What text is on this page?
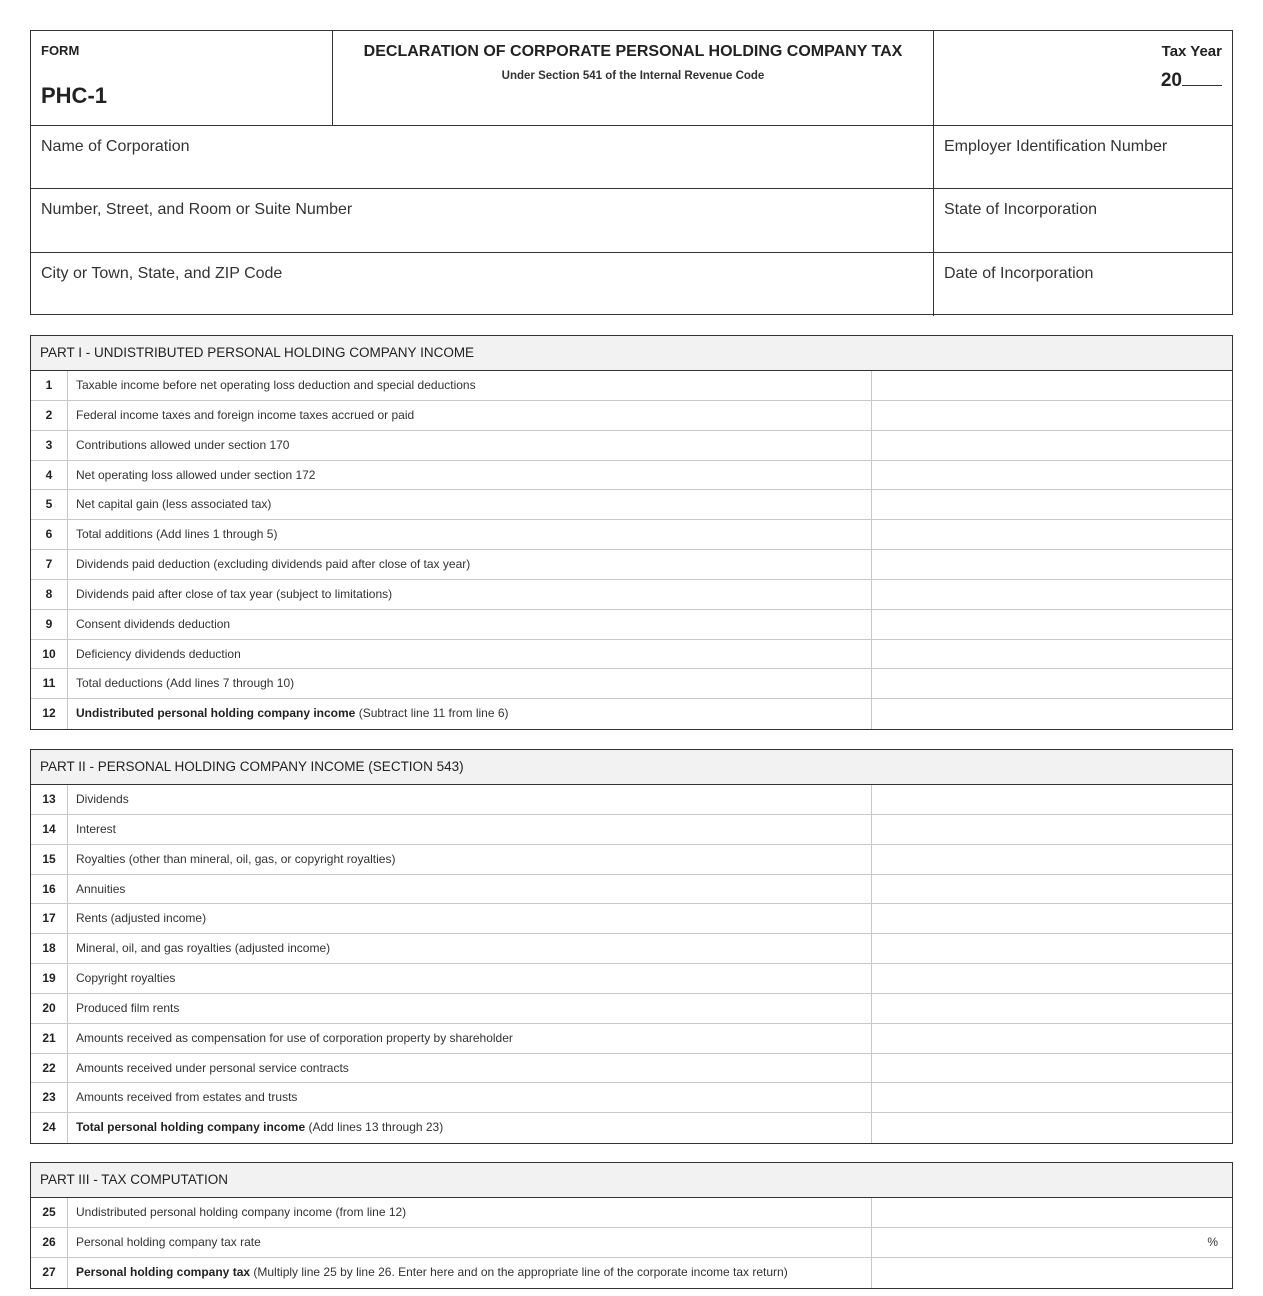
FORM
PHC-1
DECLARATION OF CORPORATE PERSONAL HOLDING COMPANY TAX
Under Section 541 of the Internal Revenue Code
Tax Year
20
Name of Corporation	Employer Identification Number
Number, Street, and Room or Suite Number	State of Incorporation
City or Town, State, and ZIP Code	Date of Incorporation
PART I - UNDISTRIBUTED PERSONAL HOLDING COMPANY INCOME
1	Taxable income before net operating loss deduction and special deductions
2	Federal income taxes and foreign income taxes accrued or paid
3	Contributions allowed under section 170
4	Net operating loss allowed under section 172
5	Net capital gain (less associated tax)
6	Total additions (Add lines 1 through 5)
7	Dividends paid deduction (excluding dividends paid after close of tax year)
8	Dividends paid after close of tax year (subject to limitations)
9	Consent dividends deduction
10	Deficiency dividends deduction
11	Total deductions (Add lines 7 through 10)
12	Undistributed personal holding company income (Subtract line 11 from line 6)
PART II - PERSONAL HOLDING COMPANY INCOME (SECTION 543)
13	Dividends
14	Interest
15	Royalties (other than mineral, oil, gas, or copyright royalties)
16	Annuities
17	Rents (adjusted income)
18	Mineral, oil, and gas royalties (adjusted income)
19	Copyright royalties
20	Produced film rents
21	Amounts received as compensation for use of corporation property by shareholder
22	Amounts received under personal service contracts
23	Amounts received from estates and trusts
24	Total personal holding company income (Add lines 13 through 23)
PART III - TAX COMPUTATION
25	Undistributed personal holding company income (from line 12)
26	Personal holding company tax rate	%
27	Personal holding company tax (Multiply line 25 by line 26. Enter here and on the appropriate line of the corporate income tax return)
